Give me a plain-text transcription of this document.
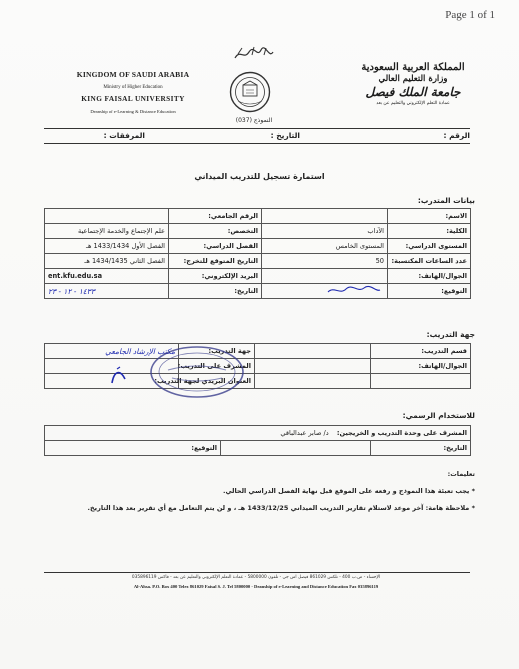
Page 1 of 1
KINGDOM OF SAUDI ARABIA
Ministry of Higher Education
KING FAISAL UNIVERSITY
Deanship of e-Learning & Distance Education
النموذج (037)
المملكة العربية السعودية
وزارة التعليم العالي
جامعة الملك فيصل
عمادة التعلم الإلكتروني والتعليم عن بعد
الرقم :
التاريخ :
المرفقات :
استمارة تسجيل للتدريب الميداني
بيانات المتدرب:
الاسم:		الرقم الجامعي:	
الكلية:	الآداب	التخصص:	علم الإجتماع والخدمة الإجتماعية
المستوى الدراسي:	المستوى الخامس	الفصل الدراسي:	الفصل الأول 1433/1434 هـ
عدد الساعات المكتسبة:	50	التاريخ المتوقع للتخرج:	الفصل الثاني 1434/1435 هـ
الجوال/الهاتف:		البريد الإلكتروني:	ent.kfu.edu.sa
التوقيع:		التاريخ:	١٤٣٣ - ١٢ - ٢٣
جهة التدريب:
قسم التدريب:		جهة التدريب:	مكتب الإرشاد الجامعي
الجوال/الهاتف:		المشرف على التدريب:	
		العنوان البريدي لجهة التدريب:	
للاستخدام الرسمي:
المشرف على وحدة التدريب و الخريجين: د/ صابر عبدالباقي
التاريخ:		التوقيع:
تعليمات:
* يجب تعبئة هذا النموذج و رفعه على الموقع قبل نهاية الفصل الدراسي الحالي.
* ملاحظة هامة: آخر موعد لاستلام تقارير التدريب الميداني 1433/12/25 هـ ، و لن يتم التعامل مع أي تقرير بعد هذا التاريخ.
الإحساء - ص.ب 400 - تلكس 861029 فيصل اس جي - تلفون 5800000 - عمادة التعلم الإلكتروني والتعليم عن بعد - فاكس 035896119
Al-Ahsa. P.O. Box 400 Telex 861029 Faisal S. J. Tel 5800000 - Deanship of e-Learning and Distance Education Fax 035896119
